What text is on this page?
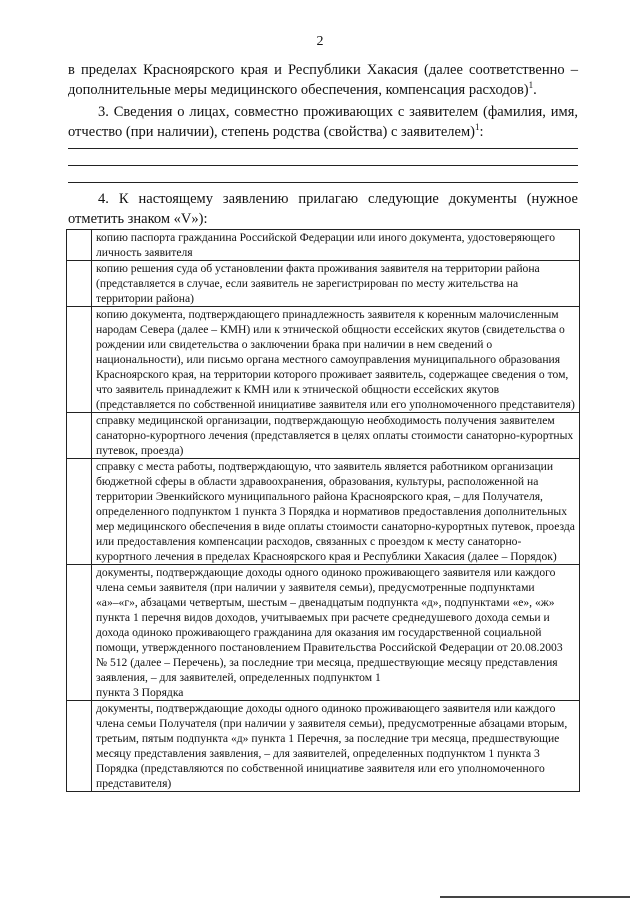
2
в пределах Красноярского края и Республики Хакасия (далее соответственно –
дополнительные меры медицинского обеспечения, компенсация расходов)$^1$.
3. Сведения о лицах, совместно проживающих с заявителем (фамилия, имя, отчество (при наличии), степень родства (свойства) с заявителем)$^1$:
4. К настоящему заявлению прилагаю следующие документы (нужное отметить знаком «V»):
	копию паспорта гражданина Российской Федерации или иного документа, удостоверяющего личность заявителя
	копию решения суда об установлении факта проживания заявителя на территории района (представляется в случае, если заявитель не зарегистрирован по месту жительства на территории района)
	копию документа, подтверждающего принадлежность заявителя к коренным малочисленным народам Севера (далее – КМН) или к этнической общности ессейских якутов (свидетельства о рождении или свидетельства о заключении брака при наличии в нем сведений о национальности), или письмо органа местного самоуправления муниципального образования Красноярского края, на территории которого проживает заявитель, содержащее сведения о том, что заявитель принадлежит к КМН или к этнической общности ессейских якутов (представляется по собственной инициативе заявителя или его уполномоченного представителя)
	справку медицинской организации, подтверждающую необходимость получения заявителем санаторно-курортного лечения (представляется в целях оплаты стоимости санаторно-курортных путевок, проезда)
	справку с места работы, подтверждающую, что заявитель является работником организации бюджетной сферы в области здравоохранения, образования, культуры, расположенной на территории Эвенкийского муниципального района Красноярского края, – для Получателя, определенного подпунктом 1 пункта 3 Порядка и нормативов предоставления дополнительных мер медицинского обеспечения в виде оплаты стоимости санаторно-курортных путевок, проезда или предоставления компенсации расходов, связанных с проездом к месту санаторно-курортного лечения в пределах Красноярского края и Республики Хакасия (далее – Порядок)

	документы, подтверждающие доходы одного одиноко проживающего заявителя или каждого члена семьи заявителя (при наличии у заявителя семьи), предусмотренные подпунктами «а»–«г», абзацами четвертым, шестым – двенадцатым подпункта «д», подпунктами «е», «ж» пункта 1 перечня видов доходов, учитываемых при расчете среднедушевого дохода семьи и дохода одиноко проживающего гражданина для оказания им государственной социальной помощи, утвержденного постановлением Правительства Российской Федерации от 20.08.2003 № 512 (далее – Перечень), за последние три месяца, предшествующие месяцу представления заявления, – для заявителей, определенных подпунктом 1
пункта 3 Порядка

	документы, подтверждающие доходы одного одиноко проживающего заявителя или каждого члена семьи Получателя (при наличии у заявителя семьи), предусмотренные абзацами вторым, третьим, пятым подпункта «д» пункта 1 Перечня, за последние три месяца, предшествующие месяцу представления заявления, – для заявителей, определенных подпунктом 1 пункта 3 Порядка (представляются по собственной инициативе заявителя или его уполномоченного представителя)
